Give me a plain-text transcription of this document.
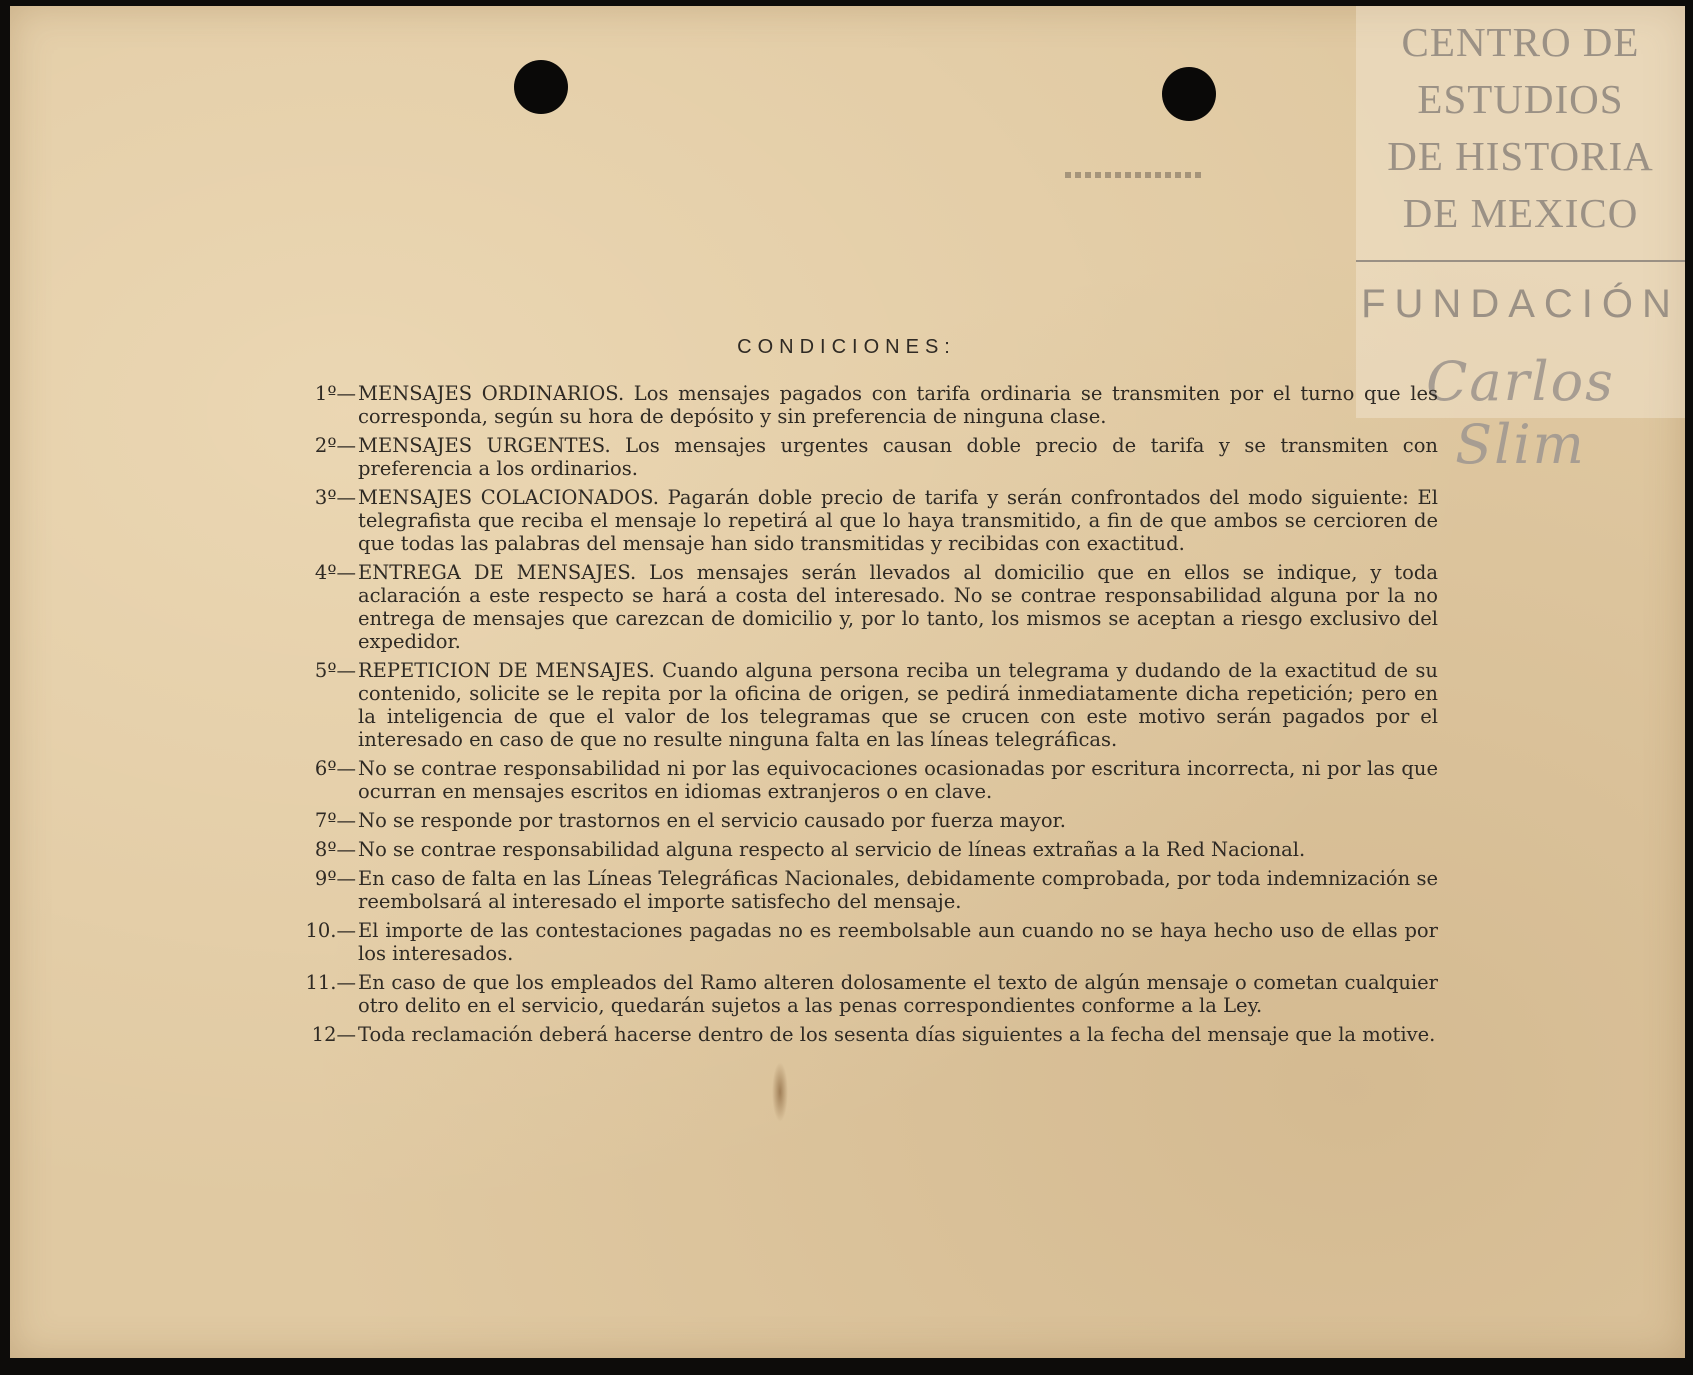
CENTRO DE
ESTUDIOS
DE HISTORIA
DE MEXICO
FUNDACIÓN
Carlos Slim
CONDICIONES:
1º— MENSAJES ORDINARIOS. Los mensajes pagados con tarifa ordinaria se transmiten por el turno que les corresponda, según su hora de depósito y sin preferencia de ninguna clase.
2º— MENSAJES URGENTES. Los mensajes urgentes causan doble precio de tarifa y se transmiten con preferencia a los ordinarios.
3º— MENSAJES COLACIONADOS. Pagarán doble precio de tarifa y serán confrontados del modo siguiente: El telegrafista que reciba el mensaje lo repetirá al que lo haya transmitido, a fin de que ambos se cercioren de que todas las palabras del mensaje han sido transmitidas y recibidas con exactitud.
4º— ENTREGA DE MENSAJES. Los mensajes serán llevados al domicilio que en ellos se indique, y toda aclaración a este respecto se hará a costa del interesado. No se contrae responsabilidad alguna por la no entrega de mensajes que carezcan de domicilio y, por lo tanto, los mismos se aceptan a riesgo exclusivo del expedidor.
5º— REPETICION DE MENSAJES. Cuando alguna persona reciba un telegrama y dudando de la exactitud de su contenido, solicite se le repita por la oficina de origen, se pedirá inmediatamente dicha repetición; pero en la inteligencia de que el valor de los telegramas que se crucen con este motivo serán pagados por el interesado en caso de que no resulte ninguna falta en las líneas telegráficas.
6º— No se contrae responsabilidad ni por las equivocaciones ocasionadas por escritura incorrecta, ni por las que ocurran en mensajes escritos en idiomas extranjeros o en clave.
7º— No se responde por trastornos en el servicio causado por fuerza mayor.
8º— No se contrae responsabilidad alguna respecto al servicio de líneas extrañas a la Red Nacional.
9º— En caso de falta en las Líneas Telegráficas Nacionales, debidamente comprobada, por toda indemnización se reembolsará al interesado el importe satisfecho del mensaje.
10.— El importe de las contestaciones pagadas no es reembolsable aun cuando no se haya hecho uso de ellas por los interesados.
11.— En caso de que los empleados del Ramo alteren dolosamente el texto de algún mensaje o cometan cualquier otro delito en el servicio, quedarán sujetos a las penas correspondientes conforme a la Ley.
12— Toda reclamación deberá hacerse dentro de los sesenta días siguientes a la fecha del mensaje que la motive.
